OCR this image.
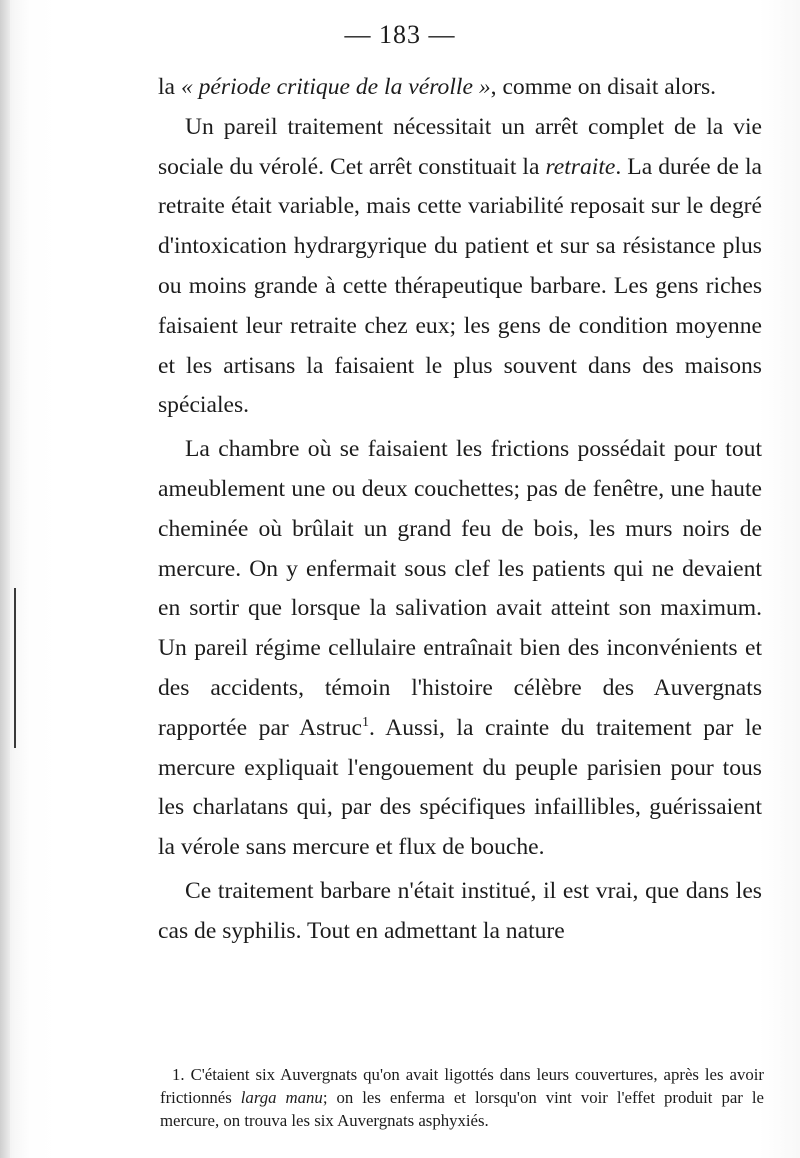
— 183 —

la « période critique de la vérolle », comme on disait alors.

Un pareil traitement nécessitait un arrêt complet de la vie sociale du vérolé. Cet arrêt constituait la retraite. La durée de la retraite était variable, mais cette variabilité reposait sur le degré d'intoxication hydrargyrique du patient et sur sa résistance plus ou moins grande à cette thérapeutique barbare. Les gens riches faisaient leur retraite chez eux; les gens de condition moyenne et les artisans la faisaient le plus souvent dans des maisons spéciales.

La chambre où se faisaient les frictions possédait pour tout ameublement une ou deux couchettes; pas de fenêtre, une haute cheminée où brûlait un grand feu de bois, les murs noirs de mercure. On y enfermait sous clef les patients qui ne devaient en sortir que lorsque la salivation avait atteint son maximum. Un pareil régime cellulaire entraînait bien des inconvénients et des accidents, témoin l'histoire célèbre des Auvergnats rapportée par Astruc$^1$. Aussi, la crainte du traitement par le mercure expliquait l'engouement du peuple parisien pour tous les charlatans qui, par des spécifiques infaillibles, guérissaient la vérole sans mercure et flux de bouche.

Ce traitement barbare n'était institué, il est vrai, que dans les cas de syphilis. Tout en admettant la nature

1. C'étaient six Auvergnats qu'on avait ligottés dans leurs couvertures, après les avoir frictionnés larga manu; on les enferma et lorsqu'on vint voir l'effet produit par le mercure, on trouva les six Auvergnats asphyxiés.
